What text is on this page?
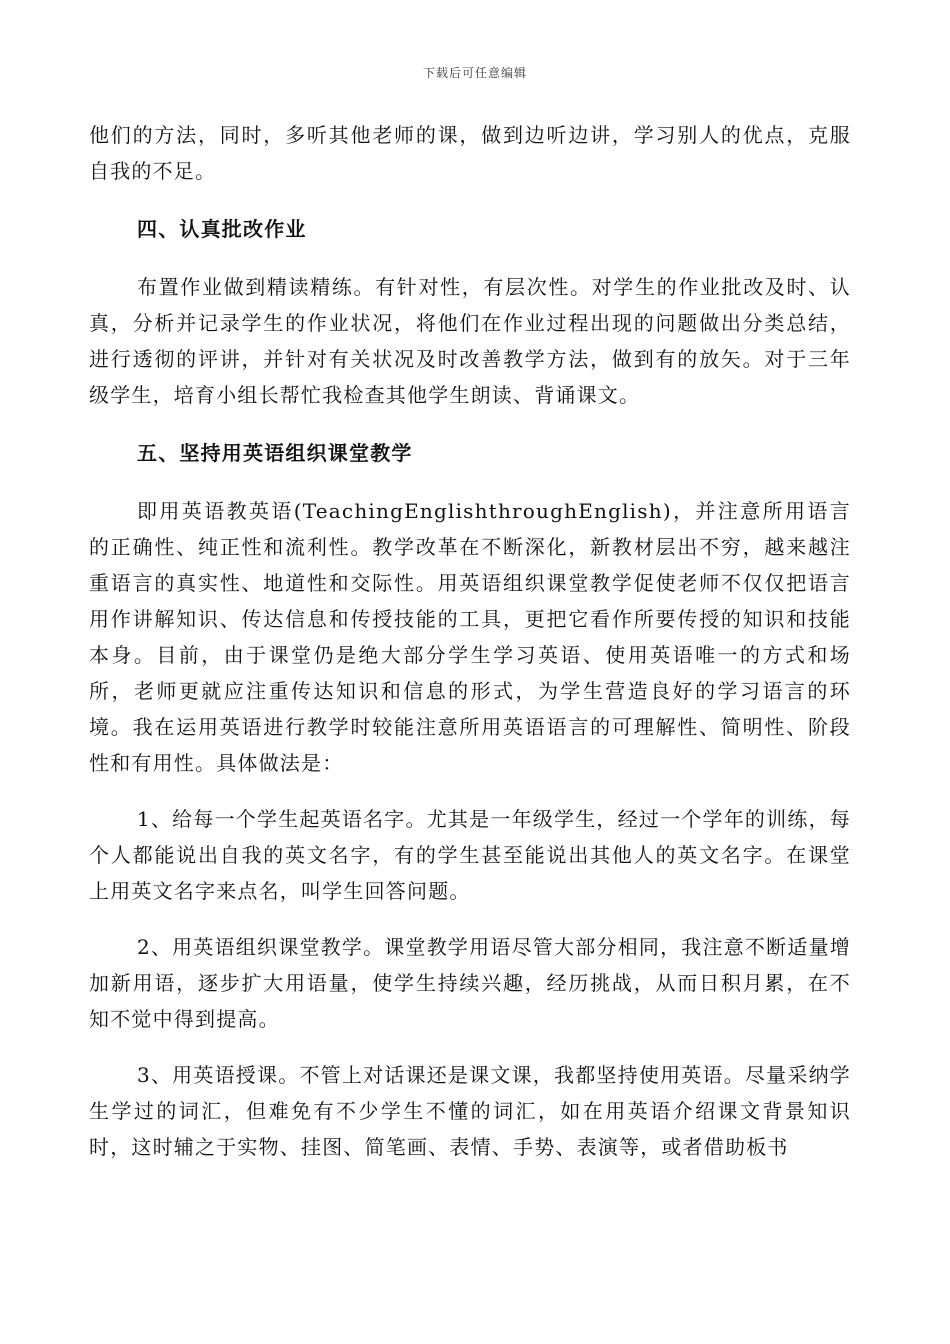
下载后可任意编辑

他们的方法，同时，多听其他老师的课，做到边听边讲，学习别人的优点，克服自我的不足。

四、认真批改作业

布置作业做到精读精练。有针对性，有层次性。对学生的作业批改及时、认真，分析并记录学生的作业状况，将他们在作业过程出现的问题做出分类总结，进行透彻的评讲，并针对有关状况及时改善教学方法，做到有的放矢。对于三年级学生，培育小组长帮忙我检查其他学生朗读、背诵课文。

五、坚持用英语组织课堂教学

即用英语教英语(TeachingEnglishthroughEnglish)，并注意所用语言的正确性、纯正性和流利性。教学改革在不断深化，新教材层出不穷，越来越注重语言的真实性、地道性和交际性。用英语组织课堂教学促使老师不仅仅把语言用作讲解知识、传达信息和传授技能的工具，更把它看作所要传授的知识和技能本身。目前，由于课堂仍是绝大部分学生学习英语、使用英语唯一的方式和场所，老师更就应注重传达知识和信息的形式，为学生营造良好的学习语言的环境。我在运用英语进行教学时较能注意所用英语语言的可理解性、简明性、阶段性和有用性。具体做法是：

1、给每一个学生起英语名字。尤其是一年级学生，经过一个学年的训练，每个人都能说出自我的英文名字，有的学生甚至能说出其他人的英文名字。在课堂上用英文名字来点名，叫学生回答问题。

2、用英语组织课堂教学。课堂教学用语尽管大部分相同，我注意不断适量增加新用语，逐步扩大用语量，使学生持续兴趣，经历挑战，从而日积月累，在不知不觉中得到提高。

3、用英语授课。不管上对话课还是课文课，我都坚持使用英语。尽量采纳学生学过的词汇，但难免有不少学生不懂的词汇，如在用英语介绍课文背景知识时，这时辅之于实物、挂图、简笔画、表情、手势、表演等，或者借助板书
